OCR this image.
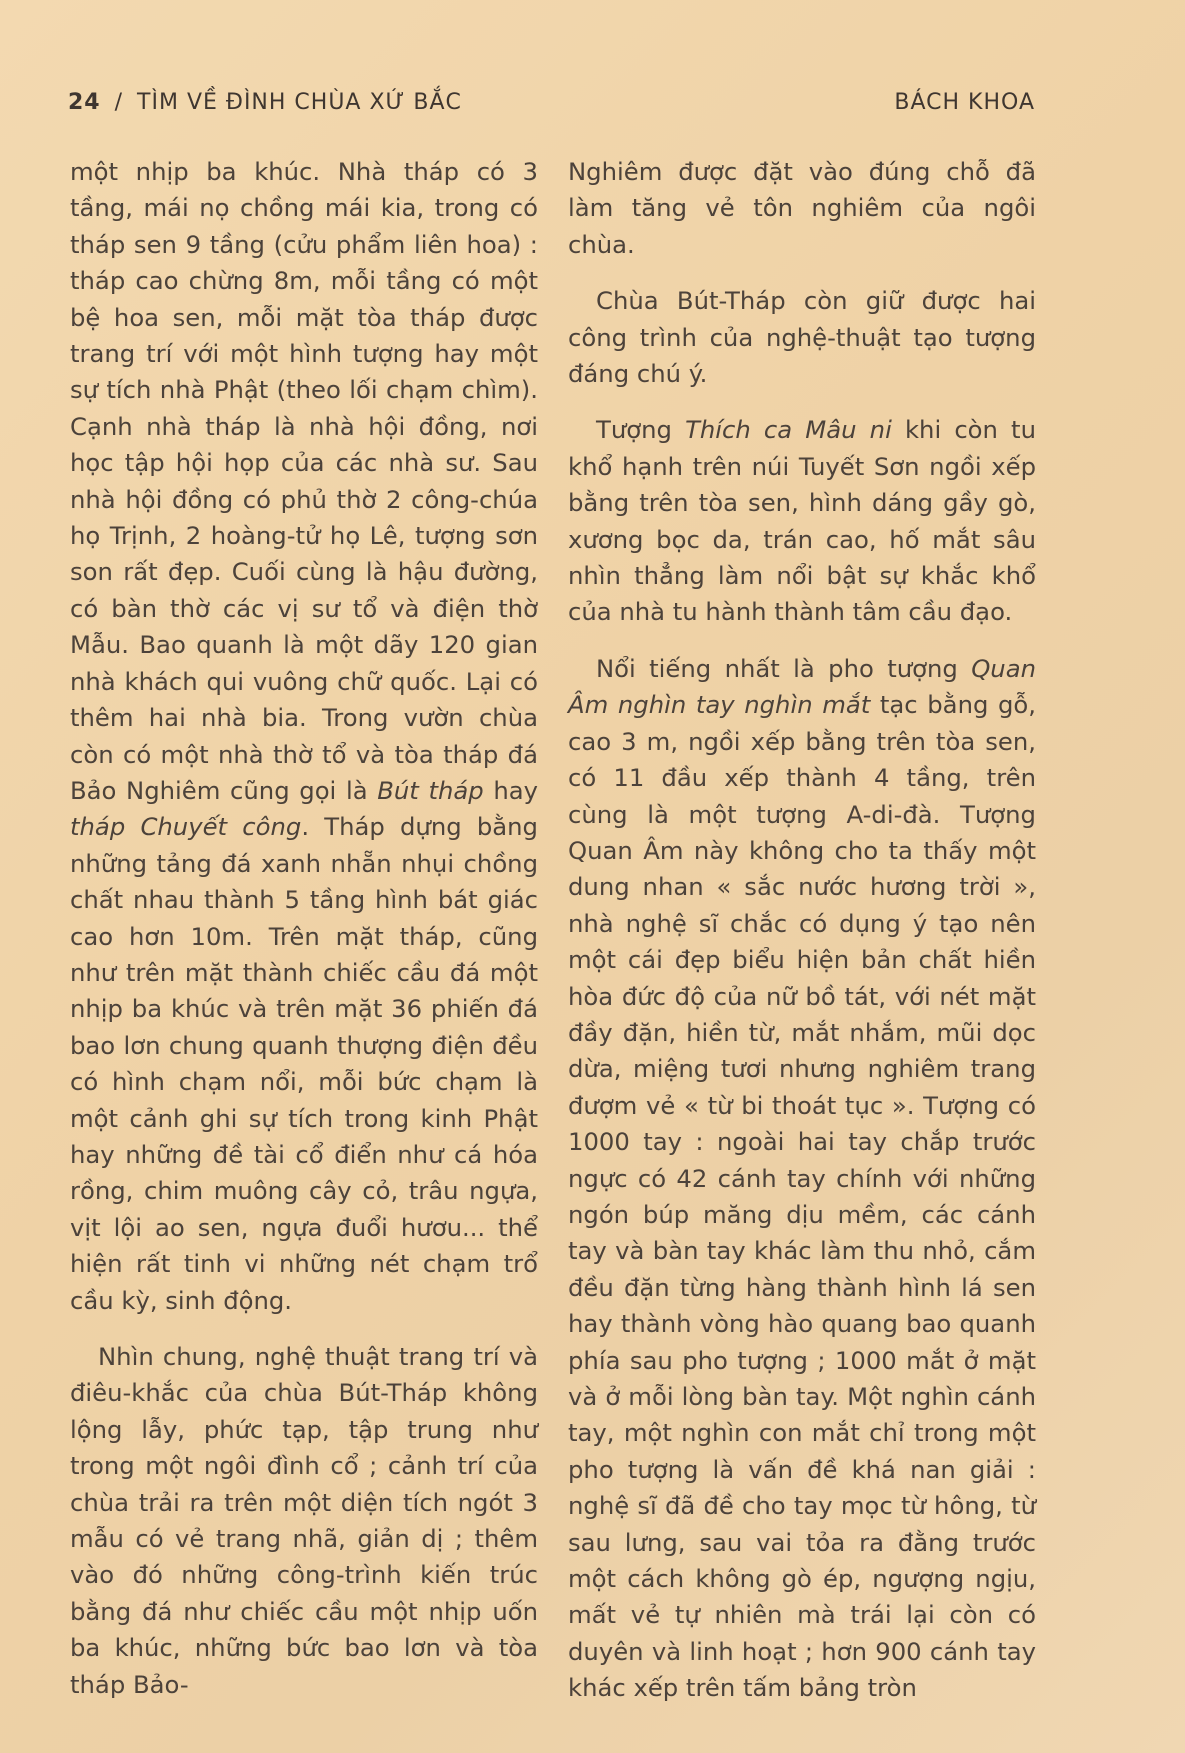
24 / TÌM VỀ ĐÌNH CHÙA XỨ BẮC	BÁCH KHOA

một nhịp ba khúc. Nhà tháp có 3 tầng, mái nọ chồng mái kia, trong có tháp sen 9 tầng (cửu phẩm liên hoa) : tháp cao chừng 8m, mỗi tầng có một bệ hoa sen, mỗi mặt tòa tháp được trang trí với một hình tượng hay một sự tích nhà Phật (theo lối chạm chìm). Cạnh nhà tháp là nhà hội đồng, nơi học tập hội họp của các nhà sư. Sau nhà hội đồng có phủ thờ 2 công-chúa họ Trịnh, 2 hoàng-tử họ Lê, tượng sơn son rất đẹp. Cuối cùng là hậu đường, có bàn thờ các vị sư tổ và điện thờ Mẫu. Bao quanh là một dãy 120 gian nhà khách qui vuông chữ quốc. Lại có thêm hai nhà bia. Trong vườn chùa còn có một nhà thờ tổ và tòa tháp đá Bảo Nghiêm cũng gọi là Bút tháp hay tháp Chuyết công. Tháp dựng bằng những tảng đá xanh nhẵn nhụi chồng chất nhau thành 5 tầng hình bát giác cao hơn 10m. Trên mặt tháp, cũng như trên mặt thành chiếc cầu đá một nhịp ba khúc và trên mặt 36 phiến đá bao lơn chung quanh thượng điện đều có hình chạm nổi, mỗi bức chạm là một cảnh ghi sự tích trong kinh Phật hay những đề tài cổ điển như cá hóa rồng, chim muông cây cỏ, trâu ngựa, vịt lội ao sen, ngựa đuổi hươu... thể hiện rất tinh vi những nét chạm trổ cầu kỳ, sinh động.

Nhìn chung, nghệ thuật trang trí và điêu-khắc của chùa Bút-Tháp không lộng lẫy, phức tạp, tập trung như trong một ngôi đình cổ ; cảnh trí của chùa trải ra trên một diện tích ngót 3 mẫu có vẻ trang nhã, giản dị ; thêm vào đó những công-trình kiến trúc bằng đá như chiếc cầu một nhịp uốn ba khúc, những bức bao lơn và tòa tháp Bảo-

Nghiêm được đặt vào đúng chỗ đã làm tăng vẻ tôn nghiêm của ngôi chùa.

Chùa Bút-Tháp còn giữ được hai công trình của nghệ-thuật tạo tượng đáng chú ý.

Tượng Thích ca Mâu ni khi còn tu khổ hạnh trên núi Tuyết Sơn ngồi xếp bằng trên tòa sen, hình dáng gầy gò, xương bọc da, trán cao, hố mắt sâu nhìn thẳng làm nổi bật sự khắc khổ của nhà tu hành thành tâm cầu đạo.

Nổi tiếng nhất là pho tượng Quan Âm nghìn tay nghìn mắt tạc bằng gỗ, cao 3 m, ngồi xếp bằng trên tòa sen, có 11 đầu xếp thành 4 tầng, trên cùng là một tượng A-di-đà. Tượng Quan Âm này không cho ta thấy một dung nhan « sắc nước hương trời », nhà nghệ sĩ chắc có dụng ý tạo nên một cái đẹp biểu hiện bản chất hiền hòa đức độ của nữ bồ tát, với nét mặt đầy đặn, hiền từ, mắt nhắm, mũi dọc dừa, miệng tươi nhưng nghiêm trang đượm vẻ « từ bi thoát tục ». Tượng có 1000 tay : ngoài hai tay chắp trước ngực có 42 cánh tay chính với những ngón búp măng dịu mềm, các cánh tay và bàn tay khác làm thu nhỏ, cắm đều đặn từng hàng thành hình lá sen hay thành vòng hào quang bao quanh phía sau pho tượng ; 1000 mắt ở mặt và ở mỗi lòng bàn tay. Một nghìn cánh tay, một nghìn con mắt chỉ trong một pho tượng là vấn đề khá nan giải : nghệ sĩ đã đề cho tay mọc từ hông, từ sau lưng, sau vai tỏa ra đằng trước một cách không gò ép, ngượng ngịu, mất vẻ tự nhiên mà trái lại còn có duyên và linh hoạt ; hơn 900 cánh tay khác xếp trên tấm bảng tròn
